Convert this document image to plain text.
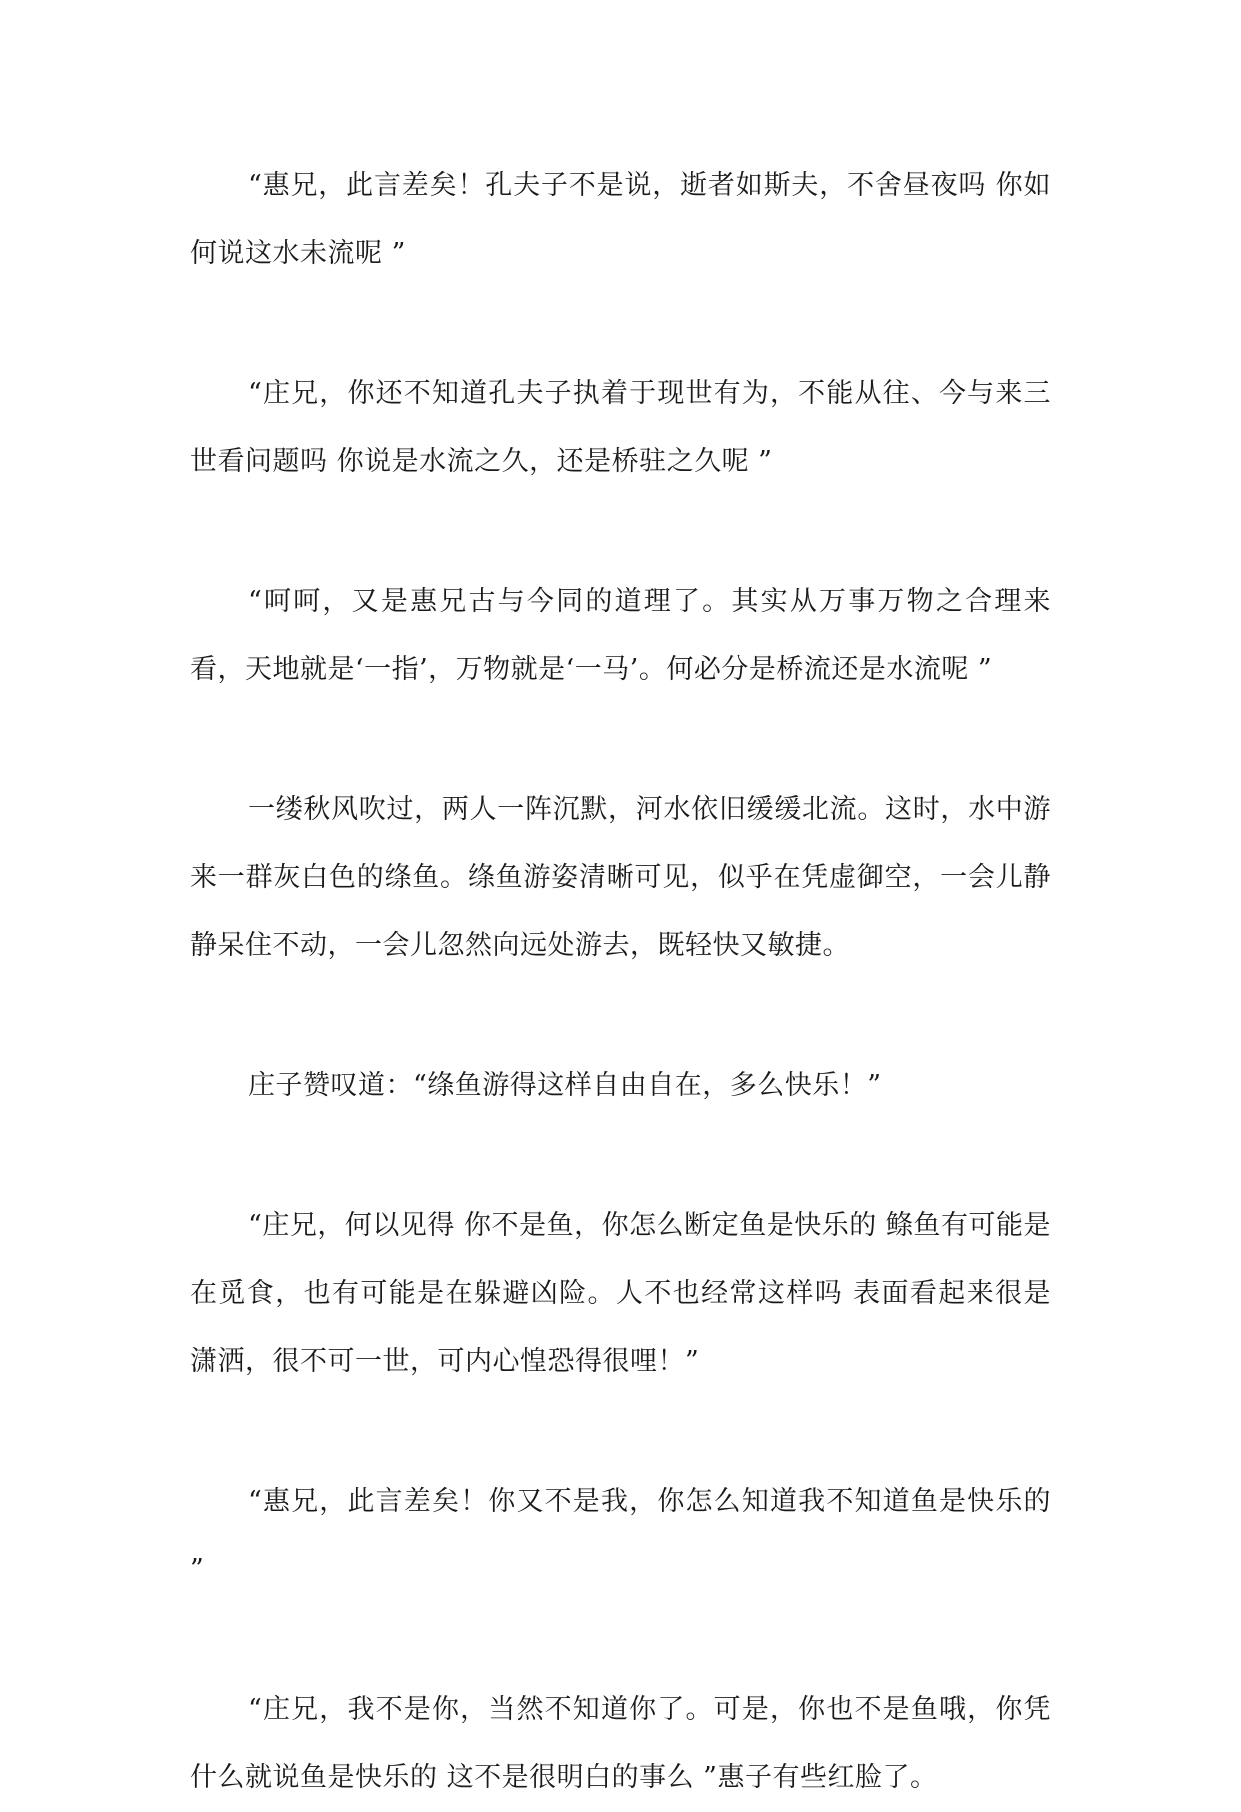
“惠兄，此言差矣！孔夫子不是说，逝者如斯夫，不舍昼夜吗 你如何说这水未流呢 ”

“庄兄，你还不知道孔夫子执着于现世有为，不能从往、今与来三世看问题吗 你说是水流之久，还是桥驻之久呢 ”

“呵呵，又是惠兄古与今同的道理了。其实从万事万物之合理来看，天地就是‘一指’，万物就是‘一马’。何必分是桥流还是水流呢 ”

一缕秋风吹过，两人一阵沉默，河水依旧缓缓北流。这时，水中游来一群灰白色的绦鱼。绦鱼游姿清晰可见，似乎在凭虚御空，一会儿静静呆住不动，一会儿忽然向远处游去，既轻快又敏捷。

庄子赞叹道：“绦鱼游得这样自由自在，多么快乐！”

“庄兄，何以见得 你不是鱼，你怎么断定鱼是快乐的 鲦鱼有可能是在觅食，也有可能是在躲避凶险。人不也经常这样吗 表面看起来很是潇洒，很不可一世，可内心惶恐得很哩！”

“惠兄，此言差矣！你又不是我，你怎么知道我不知道鱼是快乐的 ”

“庄兄，我不是你，当然不知道你了。可是，你也不是鱼哦，你凭什么就说鱼是快乐的 这不是很明白的事么 ”惠子有些红脸了。
